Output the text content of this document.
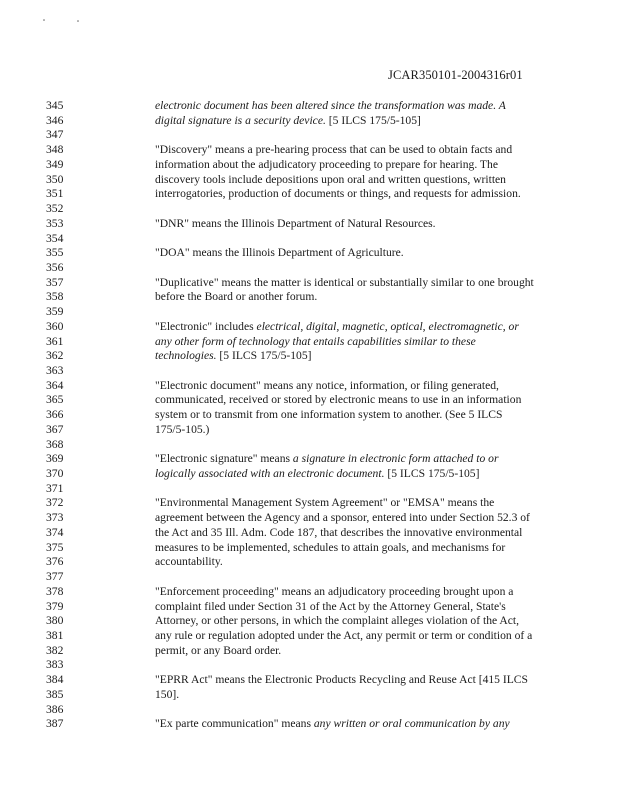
JCAR350101-2004316r01
345	electronic document has been altered since the transformation was made. A
346	digital signature is a security device. [5 ILCS 175/5-105]
347
348	"Discovery" means a pre-hearing process that can be used to obtain facts and
349	information about the adjudicatory proceeding to prepare for hearing. The
350	discovery tools include depositions upon oral and written questions, written
351	interrogatories, production of documents or things, and requests for admission.
352
353	"DNR" means the Illinois Department of Natural Resources.
354
355	"DOA" means the Illinois Department of Agriculture.
356
357	"Duplicative" means the matter is identical or substantially similar to one brought
358	before the Board or another forum.
359
360	"Electronic" includes electrical, digital, magnetic, optical, electromagnetic, or
361	any other form of technology that entails capabilities similar to these
362	technologies. [5 ILCS 175/5-105]
363
364	"Electronic document" means any notice, information, or filing generated,
365	communicated, received or stored by electronic means to use in an information
366	system or to transmit from one information system to another. (See 5 ILCS
367	175/5-105.)
368
369	"Electronic signature" means a signature in electronic form attached to or
370	logically associated with an electronic document. [5 ILCS 175/5-105]
371
372	"Environmental Management System Agreement" or "EMSA" means the
373	agreement between the Agency and a sponsor, entered into under Section 52.3 of
374	the Act and 35 Ill. Adm. Code 187, that describes the innovative environmental
375	measures to be implemented, schedules to attain goals, and mechanisms for
376	accountability.
377
378	"Enforcement proceeding" means an adjudicatory proceeding brought upon a
379	complaint filed under Section 31 of the Act by the Attorney General, State's
380	Attorney, or other persons, in which the complaint alleges violation of the Act,
381	any rule or regulation adopted under the Act, any permit or term or condition of a
382	permit, or any Board order.
383
384	"EPRR Act" means the Electronic Products Recycling and Reuse Act [415 ILCS
385	150].
386
387	"Ex parte communication" means any written or oral communication by any
